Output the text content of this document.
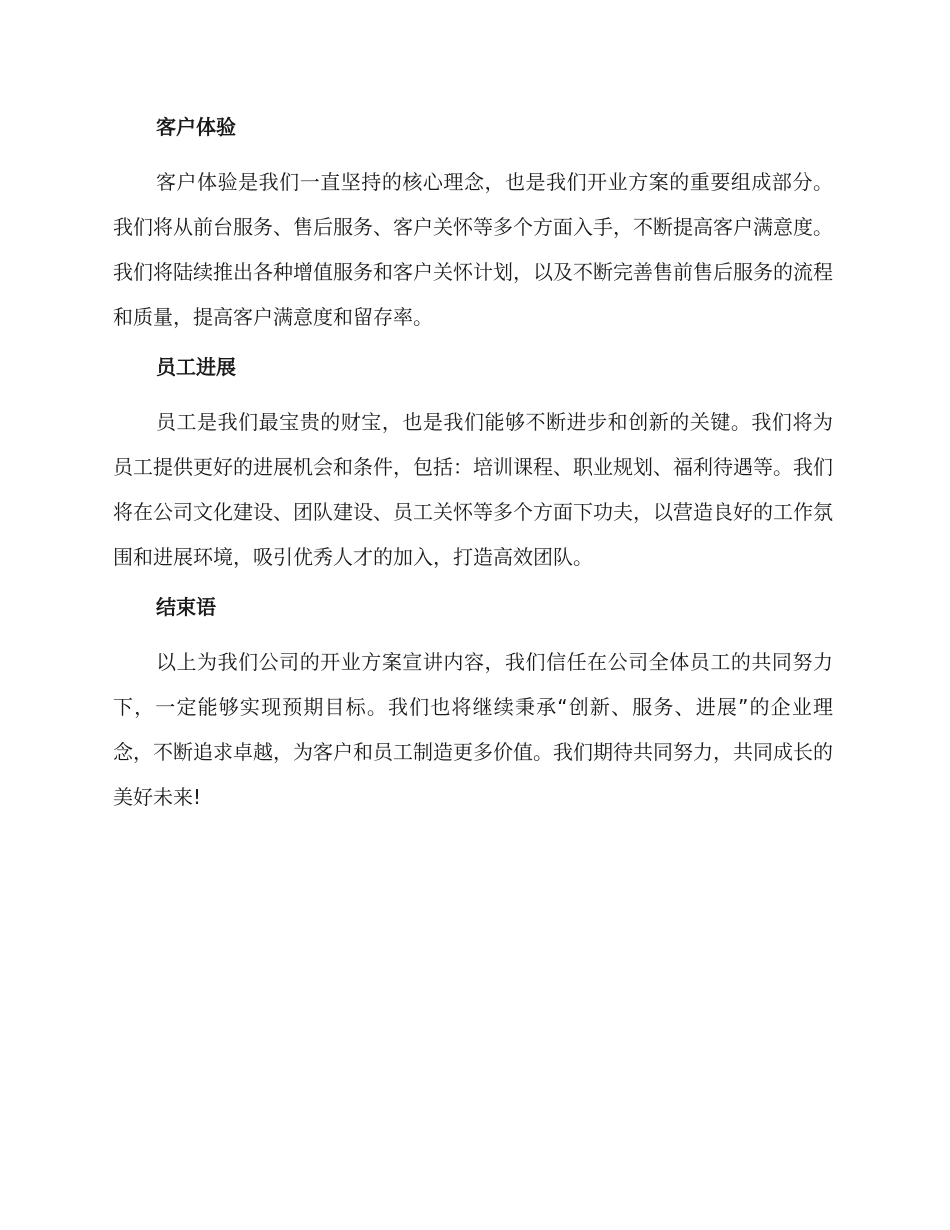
客户体验

客户体验是我们一直坚持的核心理念，也是我们开业方案的重要组成部分。我们将从前台服务、售后服务、客户关怀等多个方面入手，不断提高客户满意度。我们将陆续推出各种增值服务和客户关怀计划，以及不断完善售前售后服务的流程和质量，提高客户满意度和留存率。

员工进展

员工是我们最宝贵的财宝，也是我们能够不断进步和创新的关键。我们将为员工提供更好的进展机会和条件，包括：培训课程、职业规划、福利待遇等。我们将在公司文化建设、团队建设、员工关怀等多个方面下功夫，以营造良好的工作氛围和进展环境，吸引优秀人才的加入，打造高效团队。

结束语

以上为我们公司的开业方案宣讲内容，我们信任在公司全体员工的共同努力下，一定能够实现预期目标。我们也将继续秉承“创新、服务、进展”的企业理念，不断追求卓越，为客户和员工制造更多价值。我们期待共同努力，共同成长的美好未来!
